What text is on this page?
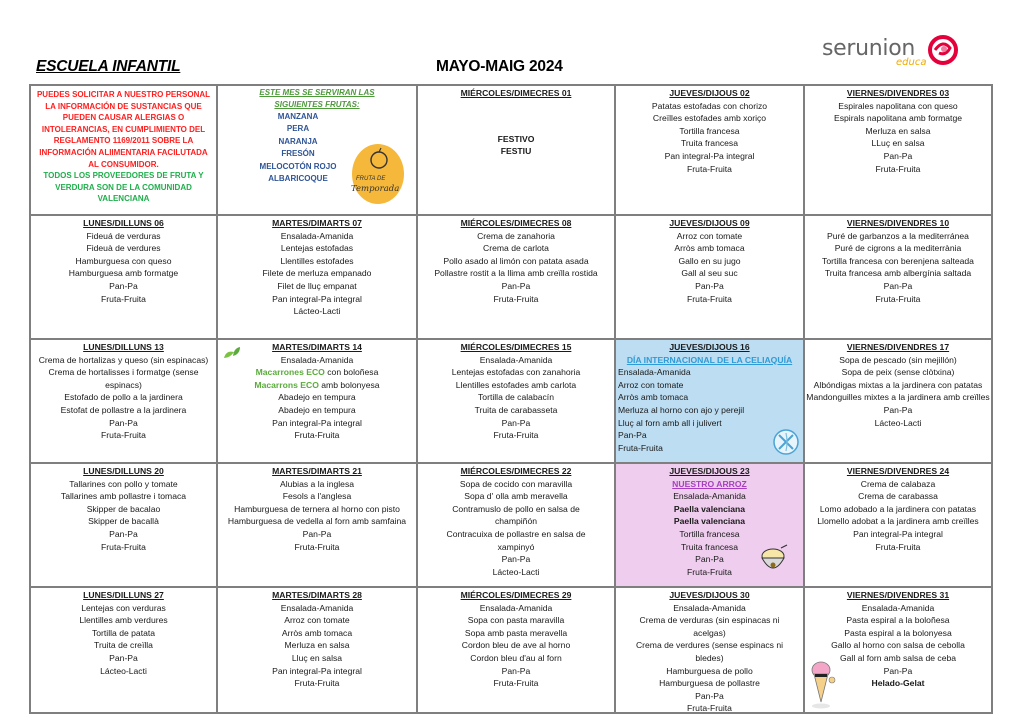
ESCUELA INFANTIL	MAYO-MAIG 2024
serunion
educa
PUEDES SOLICITAR A NUESTRO PERSONAL LA INFORMACIÓN DE SUSTANCIAS QUE PUEDEN CAUSAR ALERGIAS O INTOLERANCIAS, EN CUMPLIMIENTO DEL REGLAMENTO 1169/2011 SOBRE LA INFORMACIÓN ALIIMENTARIA FACILUTADA AL CONSUMIDOR.
TODOS LOS PROVEEDORES DE FRUTA Y VERDURA SON DE LA COMUNIDAD VALENCIANA
ESTE MES SE SERVIRAN LAS SIGUIENTES FRUTAS:
MANZANA
PERA
NARANJA
FRESÓN
MELOCOTÓN ROJO
ALBARICOQUE	FRUTA DE
Temporada
MIÉRCOLES/DIMECRES 01
FESTIVO
FESTIU
JUEVES/DIJOUS 02
Patatas estofadas con chorizo
Creïlles estofades amb xoriço
Tortilla francesa
Truita francesa
Pan integral-Pa integral
Fruta-Fruita
VIERNES/DIVENDRES 03
Espirales napolitana con queso
Espirals napolitana amb formatge
Merluza en salsa
LLuç en salsa
Pan-Pa
Fruta-Fruita
LUNES/DILLUNS 06
Fideuá de verduras
Fideuà de verdures
Hamburguesa con queso
Hamburguesa amb formatge
Pan-Pa
Fruta-Fruita
MARTES/DIMARTS 07
Ensalada-Amanida
Lentejas estofadas
Llentilles estofades
Filete de merluza empanado
Filet de lluç empanat
Pan integral-Pa integral
Lácteo-Lacti
MIÉRCOLES/DIMECRES 08
Crema de zanahoria
Crema de carlota
Pollo asado al limón con patata asada
Pollastre rostit a la llima amb creïlla rostida
Pan-Pa
Fruta-Fruita
JUEVES/DIJOUS 09
Arroz con tomate
Arròs amb tomaca
Gallo en su jugo
Gall al seu suc
Pan-Pa
Fruta-Fruita
VIERNES/DIVENDRES 10
Puré de garbanzos a la mediterránea
Puré de cigrons a la mediterrània
Tortilla francesa con berenjena salteada
Truita francesa amb albergínia saltada
Pan-Pa
Fruta-Fruita
LUNES/DILLUNS 13
Crema de hortalizas y queso (sin espinacas)
Crema de hortalisses i formatge (sense espinacs)
Estofado de pollo a la jardinera
Estofat de pollastre a la jardinera
Pan-Pa
Fruta-Fruita
MARTES/DIMARTS 14
Ensalada-Amanida
Macarrones ECO con boloñesa
Macarrons ECO amb bolonyesa
Abadejo en tempura
Abadejo en tempura
Pan integral-Pa integral
Fruta-Fruita
MIÉRCOLES/DIMECRES 15
Ensalada-Amanida
Lentejas estofadas con zanahoria
Llentilles estofades amb carlota
Tortilla de calabacín
Truita de carabasseta
Pan-Pa
Fruta-Fruita
JUEVES/DIJOUS 16
DÍA INTERNACIONAL DE LA CELIAQUÍA
Ensalada-Amanida
Arroz con tomate
Arròs amb tomaca
Merluza al horno con ajo y perejil
Lluç al forn amb all i julivert
Pan-Pa
Fruta-Fruita
VIERNES/DIVENDRES 17
Sopa de pescado (sin mejillón)
Sopa de peix (sense clòtxina)
Albóndigas mixtas a la jardinera con patatas
Mandonguilles mixtes a la jardinera amb creïlles
Pan-Pa
Lácteo-Lacti
LUNES/DILLUNS 20
Tallarines con pollo y tomate
Tallarines amb pollastre i tomaca
Skipper de bacalao
Skipper de bacallà
Pan-Pa
Fruta-Fruita
MARTES/DIMARTS 21
Alubias a la inglesa
Fesols a l'anglesa
Hamburguesa de ternera al horno con pisto
Hamburguesa de vedella al forn amb samfaina
Pan-Pa
Fruta-Fruita
MIÉRCOLES/DIMECRES 22
Sopa de cocido con maravilla
Sopa d' olla amb meravella
Contramuslo de pollo en salsa de champiñón
Contracuixa de pollastre en salsa de xampinyó
Pan-Pa
Lácteo-Lacti
JUEVES/DIJOUS 23
NUESTRO ARROZ
Ensalada-Amanida
Paella valenciana
Paella valenciana
Tortilla francesa
Truita francesa
Pan-Pa
Fruta-Fruita
VIERNES/DIVENDRES 24
Crema de calabaza
Crema de carabassa
Lomo adobado a la jardinera con patatas
Llomello adobat a la jardinera amb creïlles
Pan integral-Pa integral
Fruta-Fruita
LUNES/DILLUNS 27
Lentejas con verduras
Llentilles amb verdures
Tortilla de patata
Truita de creïlla
Pan-Pa
Lácteo-Lacti
MARTES/DIMARTS 28
Ensalada-Amanida
Arroz con tomate
Arròs amb tomaca
Merluza en salsa
Lluç en salsa
Pan integral-Pa integral
Fruta-Fruita
MIÉRCOLES/DIMECRES 29
Ensalada-Amanida
Sopa con pasta maravilla
Sopa amb pasta meravella
Cordon bleu de ave al horno
Cordon bleu d'au al forn
Pan-Pa
Fruta-Fruita
JUEVES/DIJOUS 30
Ensalada-Amanida
Crema de verduras (sin espinacas ni acelgas)
Crema de verdures (sense espinacs ni bledes)
Hamburguesa de pollo
Hamburguesa de pollastre
Pan-Pa
Fruta-Fruita
VIERNES/DIVENDRES 31
Ensalada-Amanida
Pasta espiral a la boloñesa
Pasta espiral a la bolonyesa
Gallo al horno con salsa de cebolla
Gall al forn amb salsa de ceba
Pan-Pa
Helado-Gelat
